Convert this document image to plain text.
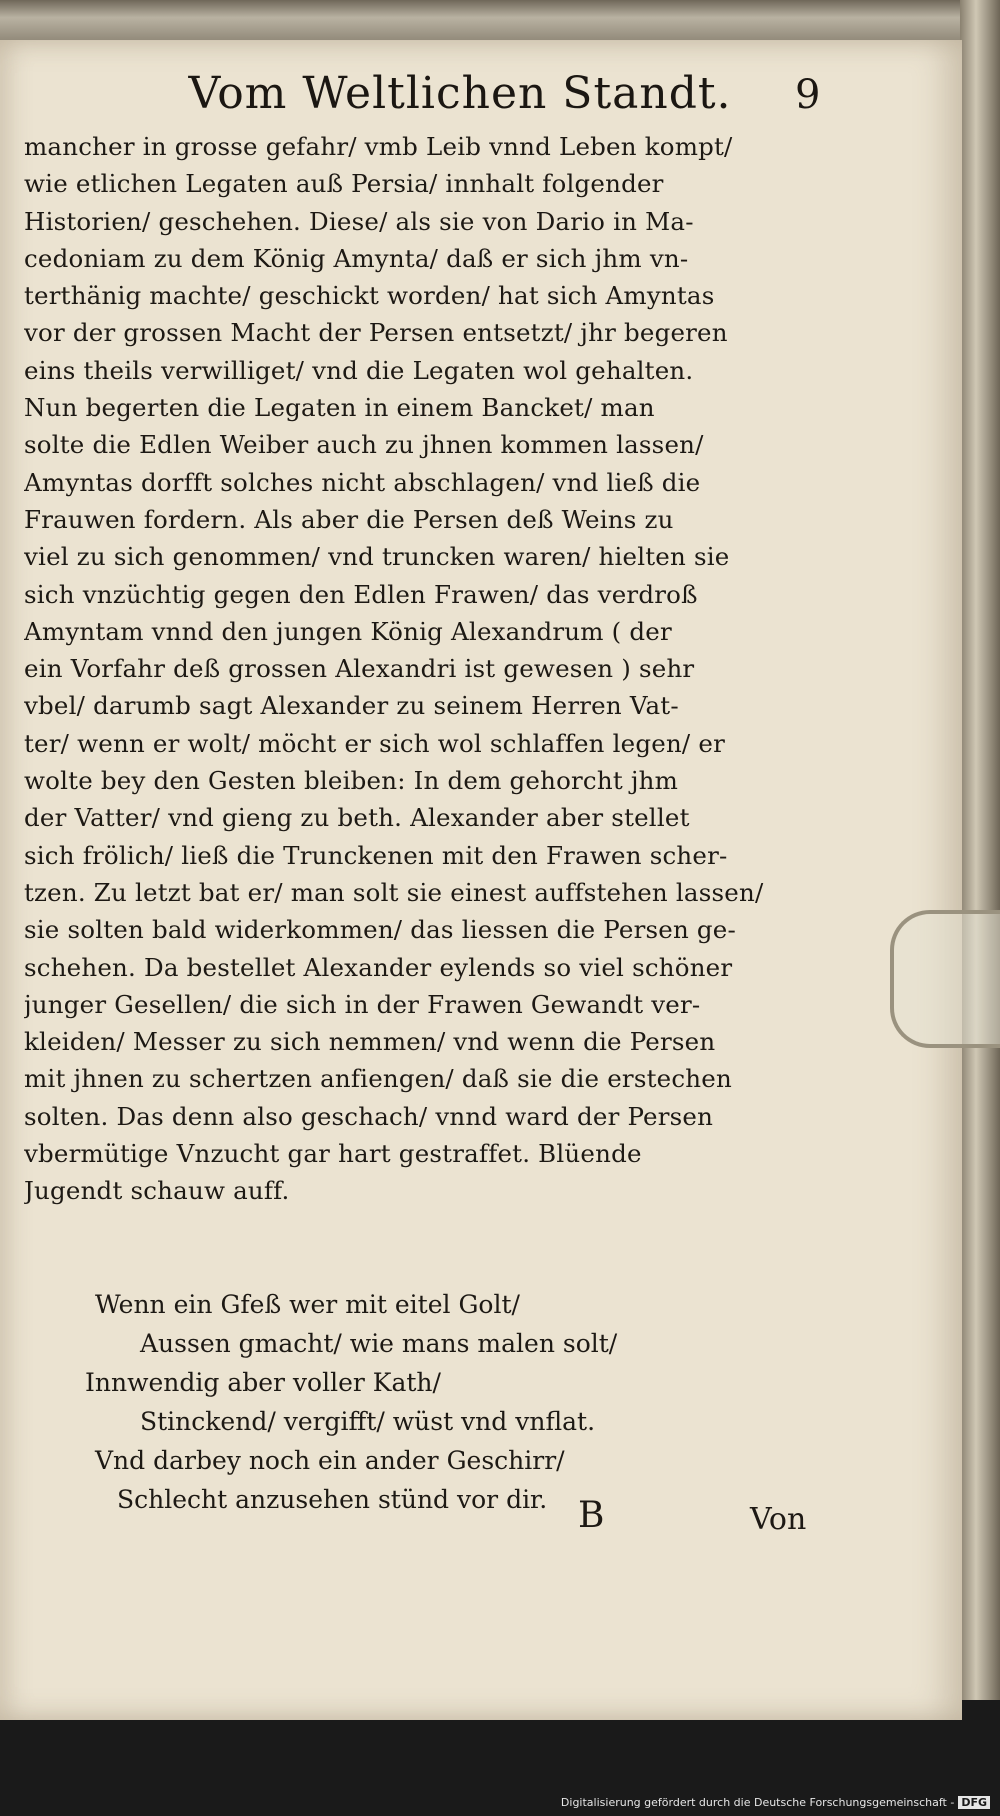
Vom Weltlichen Standt. 9
mancher in grosse gefahr/ vmb Leib vnnd Leben kompt/
wie etlichen Legaten auß Persia/ innhalt folgender
Historien/ geschehen. Diese/ als sie von Dario in Ma-
cedoniam zu dem König Amynta/ daß er sich jhm vn-
terthänig machte/ geschickt worden/ hat sich Amyntas
vor der grossen Macht der Persen entsetzt/ jhr begeren
eins theils verwilliget/ vnd die Legaten wol gehalten.
Nun begerten die Legaten in einem Bancket/ man
solte die Edlen Weiber auch zu jhnen kommen lassen/
Amyntas dorfft solches nicht abschlagen/ vnd ließ die
Frauwen fordern. Als aber die Persen deß Weins zu
viel zu sich genommen/ vnd truncken waren/ hielten sie
sich vnzüchtig gegen den Edlen Frawen/ das verdroß
Amyntam vnnd den jungen König Alexandrum ( der
ein Vorfahr deß grossen Alexandri ist gewesen ) sehr
vbel/ darumb sagt Alexander zu seinem Herren Vat-
ter/ wenn er wolt/ möcht er sich wol schlaffen legen/ er
wolte bey den Gesten bleiben: In dem gehorcht jhm
der Vatter/ vnd gieng zu beth. Alexander aber stellet
sich frölich/ ließ die Trunckenen mit den Frawen scher-
tzen. Zu letzt bat er/ man solt sie einest auffstehen lassen/
sie solten bald widerkommen/ das liessen die Persen ge-
schehen. Da bestellet Alexander eylends so viel schöner
junger Gesellen/ die sich in der Frawen Gewandt ver-
kleiden/ Messer zu sich nemmen/ vnd wenn die Persen
mit jhnen zu schertzen anfiengen/ daß sie die erstechen
solten. Das denn also geschach/ vnnd ward der Persen
vbermütige Vnzucht gar hart gestraffet. Blüende
Jugendt schauw auff.
Wenn ein Gfeß wer mit eitel Golt/
Aussen gmacht/ wie mans malen solt/
Innwendig aber voller Kath/
Stinckend/ vergifft/ wüst vnd vnflat.
Vnd darbey noch ein ander Geschirr/
Schlecht anzusehen stünd vor dir. B	Von
Digitalisierung gefördert durch die Deutsche Forschungsgemeinschaft - DFG
